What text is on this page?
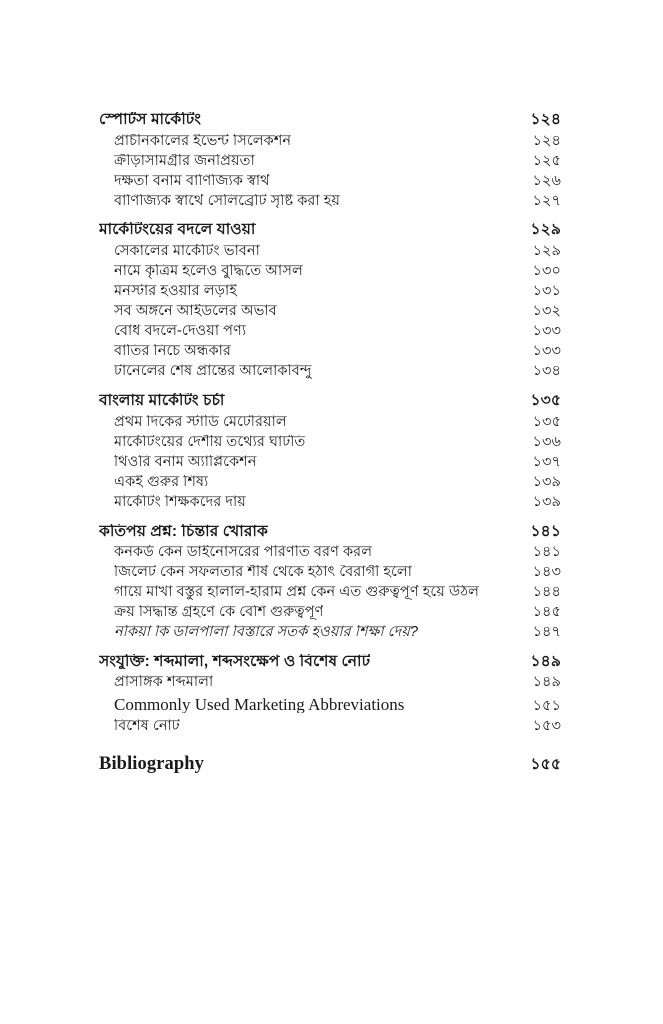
স্পোর্টস মার্কেটিং	১২৪
প্রাচীনকালের ইভেন্ট সিলেকশন	১২৪
ক্রীড়াসামগ্রীর জনপ্রিয়তা	১২৫
দক্ষতা বনাম বাণিজ্যিক স্বার্থ	১২৬
বাণিজ্যিক স্বার্থে সেলিব্রেটি সৃষ্টি করা হয়	১২৭
মার্কেটিংয়ের বদলে যাওয়া	১২৯
সেকালের মার্কেটিং ভাবনা	১২৯
নামে কৃত্রিম হলেও বুদ্ধিতে আসল	১৩০
মনস্টার হওয়ার লড়াই	১৩১
সব অঙ্গনে আইডলের অভাব	১৩২
বোধ বদলে-দেওয়া পণ্য	১৩৩
বাতির নিচে অন্ধকার	১৩৩
টানেলের শেষ প্রান্তের আলোকবিন্দু	১৩৪
বাংলায় মার্কেটিং চর্চা	১৩৫
প্রথম দিকের স্টাডি মেটেরিয়াল	১৩৫
মার্কেটিংয়ের দেশীয় তথ্যের ঘাটতি	১৩৬
থিওরি বনাম অ্যাপ্লিকেশন	১৩৭
একই গুরুর শিষ্য	১৩৯
মার্কেটিং শিক্ষকদের দায়	১৩৯
কতিপয় প্রশ্ন: চিন্তার খোরাক	১৪১
কনকর্ড কেন ডাইনোসরের পরিণতি বরণ করল	১৪১
জিলেট কেন সফলতার শীর্ষ থেকে হঠাৎ বৈরাগী হলো	১৪৩
গায়ে মাখা বস্তুর হালাল-হারাম প্রশ্ন কেন এত গুরুত্বপূর্ণ হয়ে উঠল	১৪৪
ক্রয় সিদ্ধান্ত গ্রহণে কে বেশি গুরুত্বপূর্ণ	১৪৫
নকিয়া কি ডালপালা বিস্তারে সতর্ক হওয়ার শিক্ষা দেয়?	১৪৭
সংযুক্তি: শব্দমালা, শব্দসংক্ষেপ ও বিশেষ নোট	১৪৯
প্রাসঙ্গিক শব্দমালা	১৪৯
Commonly Used Marketing Abbreviations	১৫১
বিশেষ নোট	১৫৩
Bibliography	১৫৫
